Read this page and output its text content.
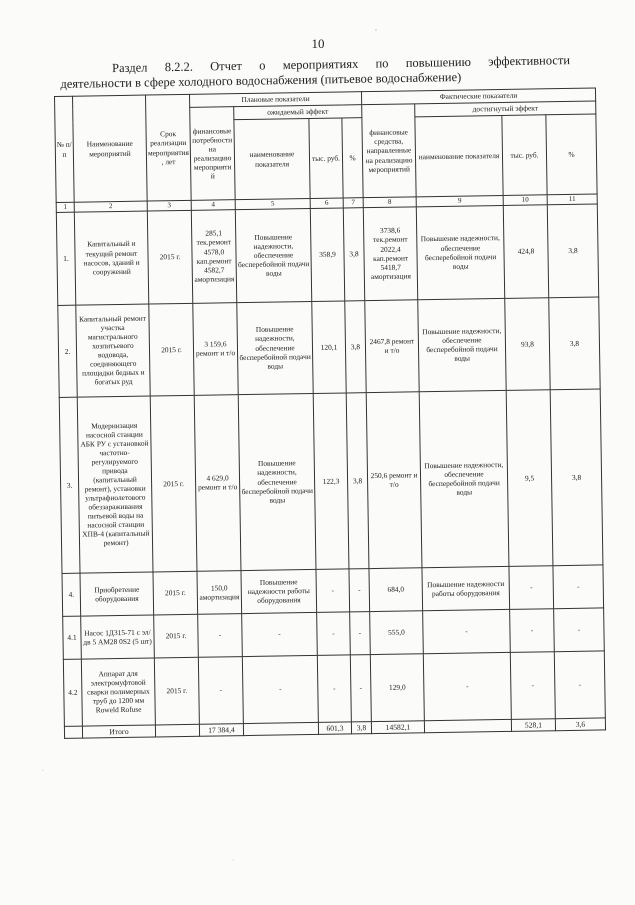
10
Раздел 8.2.2. Отчет о мероприятиях по повышению эффективности
деятельности в сфере холодного водоснабжения (питьевое водоснабжение)
№ п/п	Наименование мероприятий	Срок реализации мероприятия, лет	Плановые показатели				Фактические показатели			
			финансовые потребности на реализацию мероприятий	ожидаемый эффект			финансовые средства, направленные на реализацию мероприятий	достигнутый эффект		
				наименование показателя	тыс. руб.	%		наименование показателя	тыс. руб.	%
1	2	3	4	5	6	7	8	9	10	11
1.	Капитальный и текущий ремонт насосов, зданий и сооружений	2015 г.	285,1 тек.ремонт 4578,0 кап.ремонт 4582,7 амортизация	Повышение надежности, обеспечение бесперебойной подачи воды	358,9	3,8	3738,6 тек.ремонт 2022,4 кап.ремонт 5418,7 амортизация	Повышение надежности, обеспечение бесперебойной подачи воды	424,8	3,8
2.	Капитальный ремонт участка магистрального хозпитьевого водовода, соединяющего площадки бедных и богатых руд	2015 г.	3 159,6 ремонт и т/о	Повышение надежности, обеспечение бесперебойной подачи воды	120,1	3,8	2467,8 ремонт и т/о	Повышение надежности, обеспечение бесперебойной подачи воды	93,8	3,8
3.	Модернизация насосной станции АБК РУ с установкой частотно-регулируемого привода (капитальный ремонт), установки ультрафиолетового обеззараживания питьевой воды на насосной станции ХПВ-4 (капитальный ремонт)	2015 г.	4 629,0 ремонт и т/о	Повышение надежности, обеспечение бесперебойной подачи воды	122,3	3,8	250,6 ремонт и т/о	Повышение надежности, обеспечение бесперебойной подачи воды	9,5	3,8
4.	Приобретение оборудования	2015 г.	150,0 амортизация	Повышение надежности работы оборудования	-	-	684,0	Повышение надежности работы оборудования	-	-
4.1	Насос 1Д315-71 с эл/дв 5 АМ28 0S2 (5 шт)	2015 г.	-	-	-	-	555,0	-	-	-
4.2	Аппарат для электромуфтовой сварки полимерных труб до 1200 мм Roweld Rofuse	2015 г.	-	-	-	-	129,0	-	-	-
	Итого		17 384,4		601,3	3,8	14582,1		528,1	3,6
◦
·
·
